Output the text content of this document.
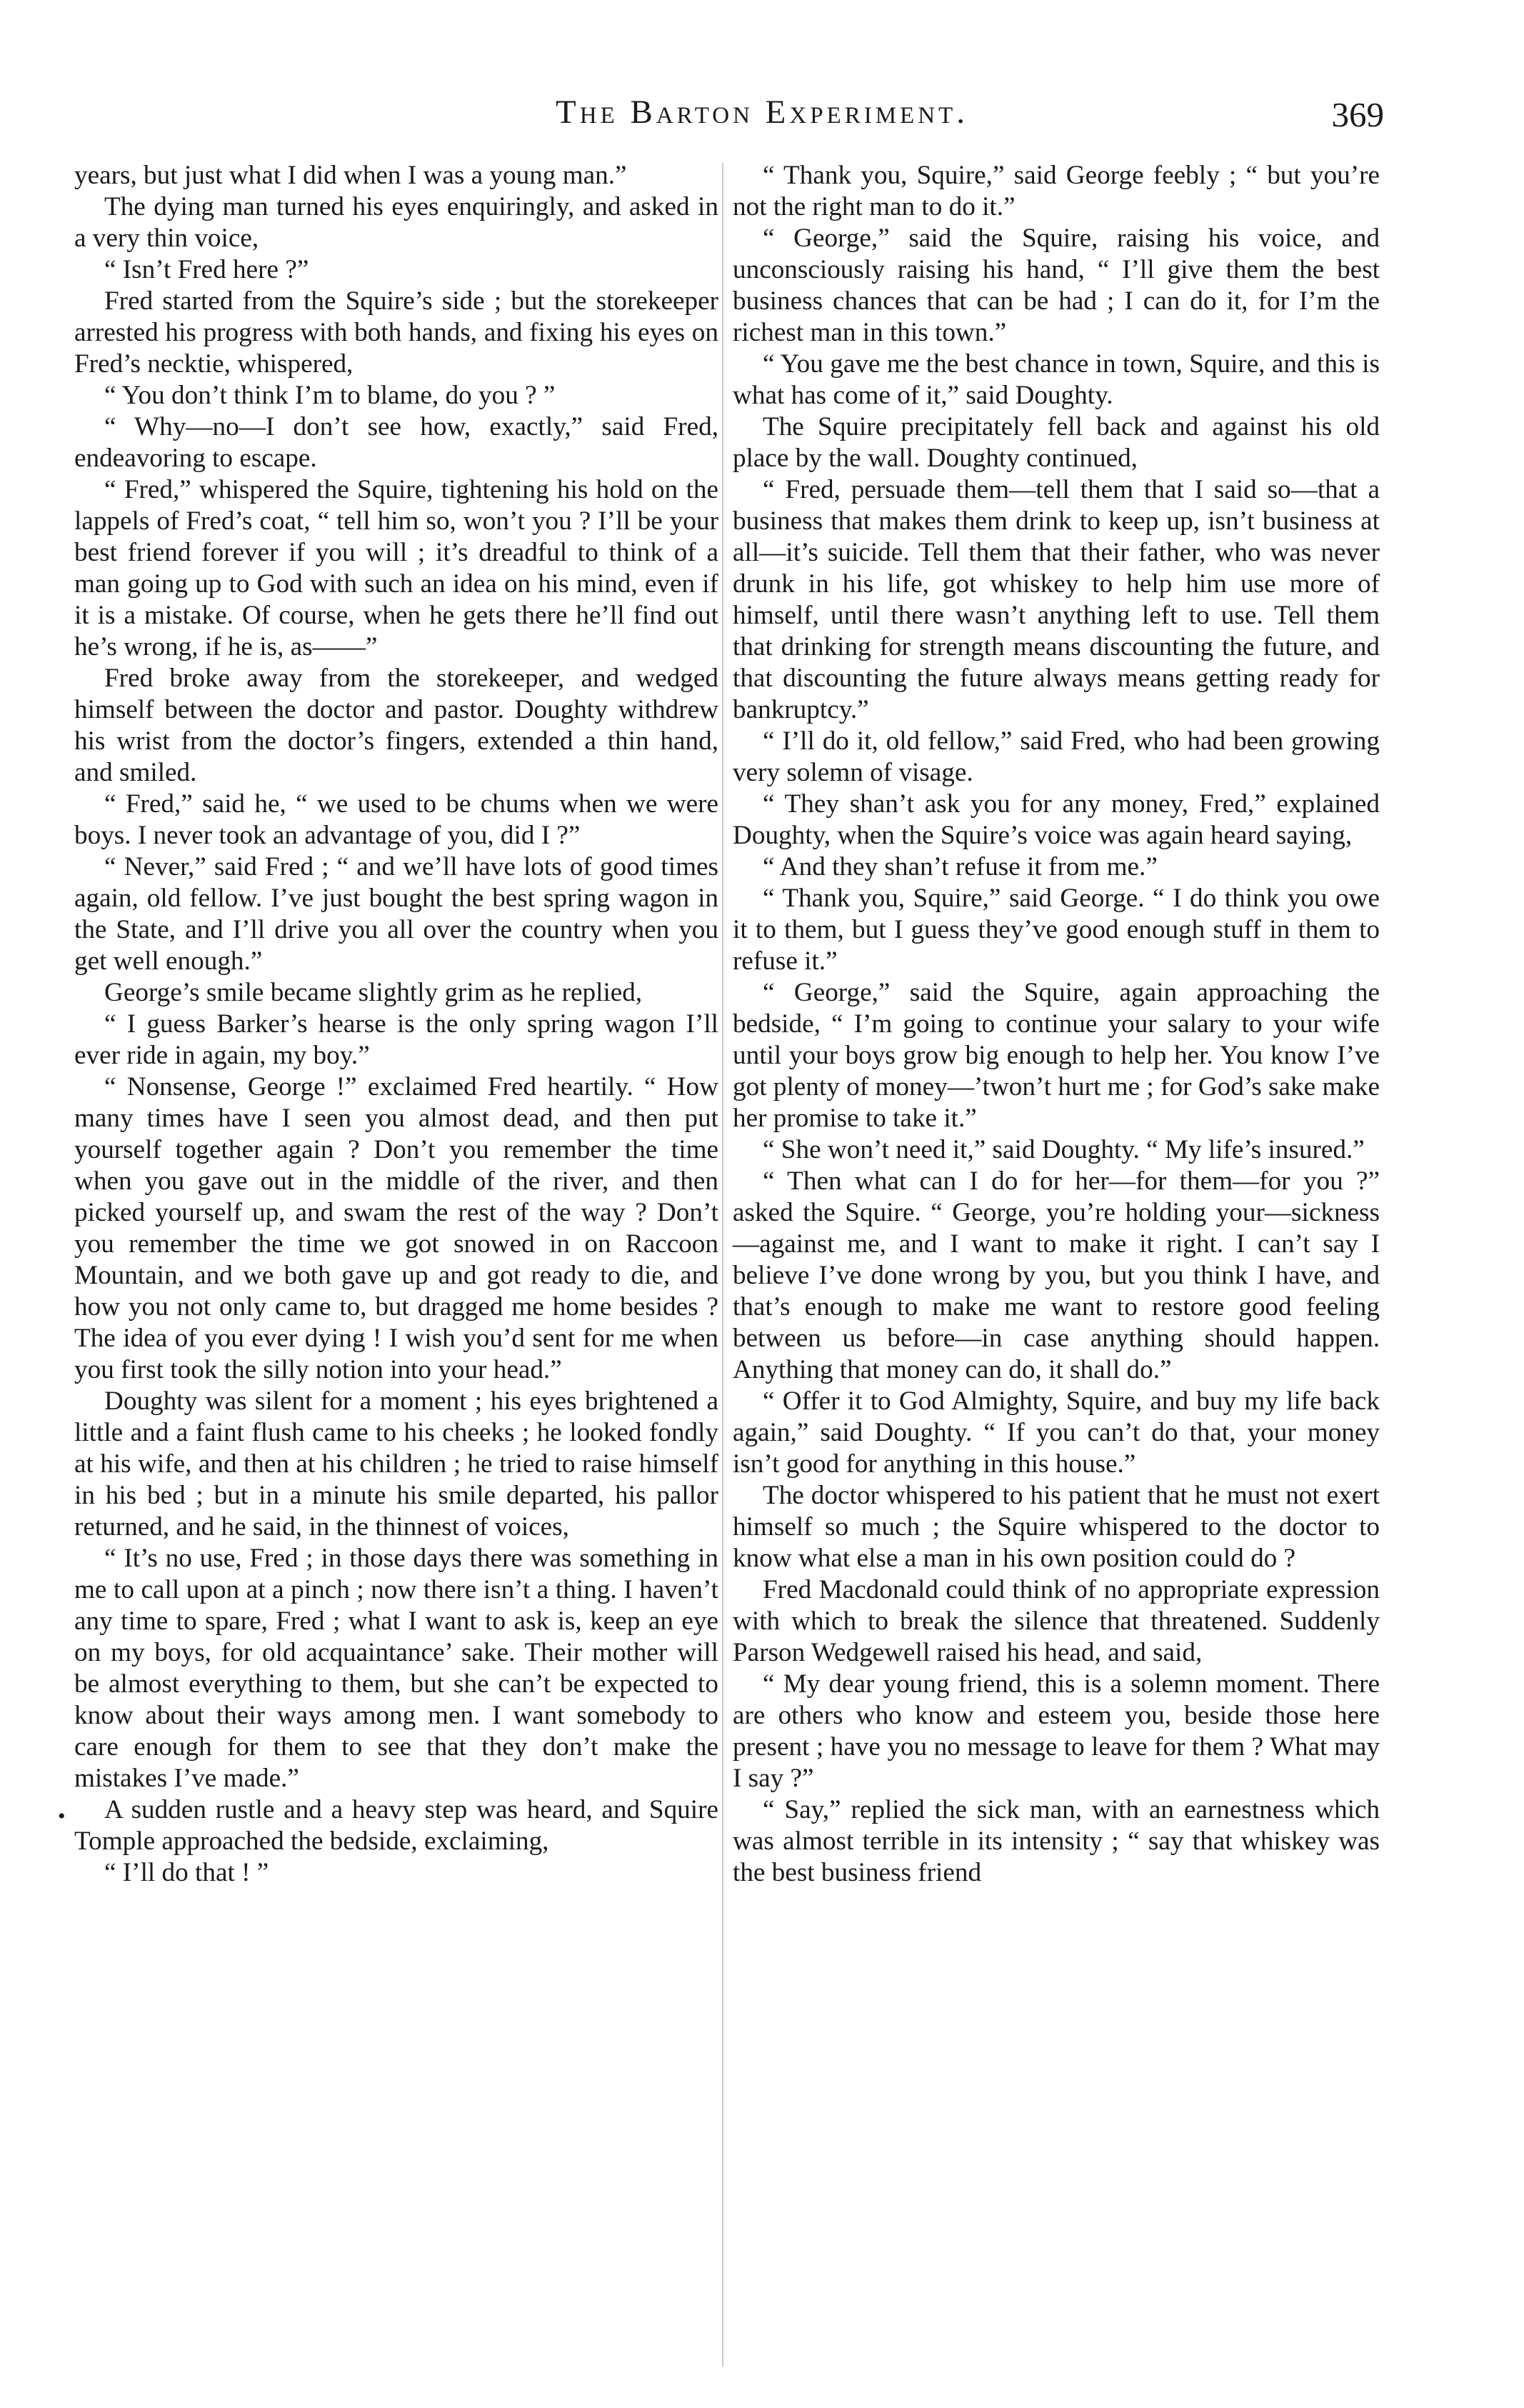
The Barton Experiment.	369
•

years, but just what I did when I was a young man.”

The dying man turned his eyes enquiringly, and asked in a very thin voice,

“ Isn’t Fred here ?”

Fred started from the Squire’s side ; but the storekeeper arrested his progress with both hands, and fixing his eyes on Fred’s necktie, whispered,

“ You don’t think I’m to blame, do you ? ”

“ Why—no—I don’t see how, exactly,” said Fred, endeavoring to escape.

“ Fred,” whispered the Squire, tightening his hold on the lappels of Fred’s coat, “ tell him so, won’t you ? I’ll be your best friend forever if you will ; it’s dreadful to think of a man going up to God with such an idea on his mind, even if it is a mistake. Of course, when he gets there he’ll find out he’s wrong, if he is, as——”

Fred broke away from the storekeeper, and wedged himself between the doctor and pastor. Doughty withdrew his wrist from the doctor’s fingers, extended a thin hand, and smiled.

“ Fred,” said he, “ we used to be chums when we were boys. I never took an advantage of you, did I ?”

“ Never,” said Fred ; “ and we’ll have lots of good times again, old fellow. I’ve just bought the best spring wagon in the State, and I’ll drive you all over the country when you get well enough.”

George’s smile became slightly grim as he replied,

“ I guess Barker’s hearse is the only spring wagon I’ll ever ride in again, my boy.”

“ Nonsense, George !” exclaimed Fred heartily. “ How many times have I seen you almost dead, and then put yourself together again ? Don’t you remember the time when you gave out in the middle of the river, and then picked yourself up, and swam the rest of the way ? Don’t you remember the time we got snowed in on Raccoon Mountain, and we both gave up and got ready to die, and how you not only came to, but dragged me home besides ? The idea of you ever dying ! I wish you’d sent for me when you first took the silly notion into your head.”

Doughty was silent for a moment ; his eyes brightened a little and a faint flush came to his cheeks ; he looked fondly at his wife, and then at his children ; he tried to raise himself in his bed ; but in a minute his smile departed, his pallor returned, and he said, in the thinnest of voices,

“ It’s no use, Fred ; in those days there was something in me to call upon at a pinch ; now there isn’t a thing. I haven’t any time to spare, Fred ; what I want to ask is, keep an eye on my boys, for old acquaintance’ sake. Their mother will be almost everything to them, but she can’t be expected to know about their ways among men. I want somebody to care enough for them to see that they don’t make the mistakes I’ve made.”

A sudden rustle and a heavy step was heard, and Squire Tomple approached the bedside, exclaiming,

“ I’ll do that ! ”

“ Thank you, Squire,” said George feebly ; “ but you’re not the right man to do it.”

“ George,” said the Squire, raising his voice, and unconsciously raising his hand, “ I’ll give them the best business chances that can be had ; I can do it, for I’m the richest man in this town.”

“ You gave me the best chance in town, Squire, and this is what has come of it,” said Doughty.

The Squire precipitately fell back and against his old place by the wall. Doughty continued,

“ Fred, persuade them—tell them that I said so—that a business that makes them drink to keep up, isn’t business at all—it’s suicide. Tell them that their father, who was never drunk in his life, got whiskey to help him use more of himself, until there wasn’t anything left to use. Tell them that drinking for strength means discounting the future, and that discounting the future always means getting ready for bankruptcy.”

“ I’ll do it, old fellow,” said Fred, who had been growing very solemn of visage.

“ They shan’t ask you for any money, Fred,” explained Doughty, when the Squire’s voice was again heard saying,

“ And they shan’t refuse it from me.”

“ Thank you, Squire,” said George. “ I do think you owe it to them, but I guess they’ve good enough stuff in them to refuse it.”

“ George,” said the Squire, again approaching the bedside, “ I’m going to continue your salary to your wife until your boys grow big enough to help her. You know I’ve got plenty of money—’twon’t hurt me ; for God’s sake make her promise to take it.”

“ She won’t need it,” said Doughty. “ My life’s insured.”

“ Then what can I do for her—for them—for you ?” asked the Squire. “ George, you’re holding your—sickness—against me, and I want to make it right. I can’t say I believe I’ve done wrong by you, but you think I have, and that’s enough to make me want to restore good feeling between us before—in case anything should happen. Anything that money can do, it shall do.”

“ Offer it to God Almighty, Squire, and buy my life back again,” said Doughty. “ If you can’t do that, your money isn’t good for anything in this house.”

The doctor whispered to his patient that he must not exert himself so much ; the Squire whispered to the doctor to know what else a man in his own position could do ?

Fred Macdonald could think of no appropriate expression with which to break the silence that threatened. Suddenly Parson Wedgewell raised his head, and said,

“ My dear young friend, this is a solemn moment. There are others who know and esteem you, beside those here present ; have you no message to leave for them ? What may I say ?”

“ Say,” replied the sick man, with an earnestness which was almost terrible in its intensity ; “ say that whiskey was the best business friend
